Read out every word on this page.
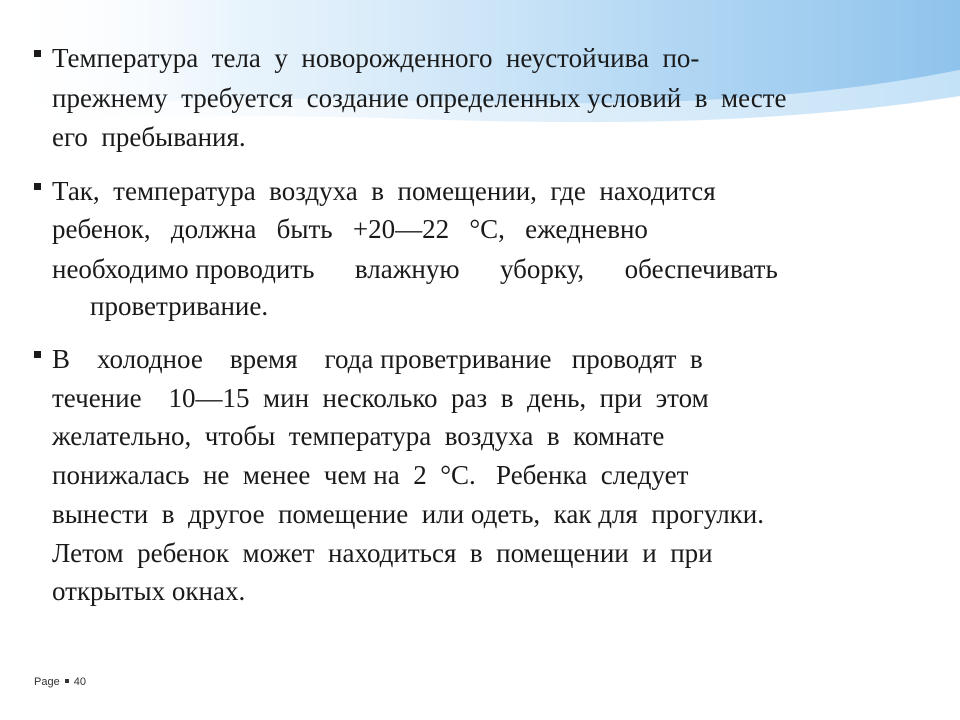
Температура  тела  у  новорожденного  неустойчива  по-
прежнему  требуется  создание определенных условий  в  месте
его  пребывания.
Так,  температура  воздуха  в  помещении,  где  находится
ребенок,   должна   быть   +20—22   °С,   ежедневно
необходимо проводить      влажную      уборку,      обеспечивать
проветривание.
В    холодное    время    года проветривание   проводят  в
течение    10—15  мин  несколько  раз  в  день,  при  этом
желательно,  чтобы  температура  воздуха  в  комнате
понижалась  не  менее  чем на  2  °С.   Ребенка  следует
вынести  в  другое  помещение  или одеть,  как для  прогулки.
Летом  ребенок  может  находиться  в  помещении  и  при
открытых окнах.
Page 40
